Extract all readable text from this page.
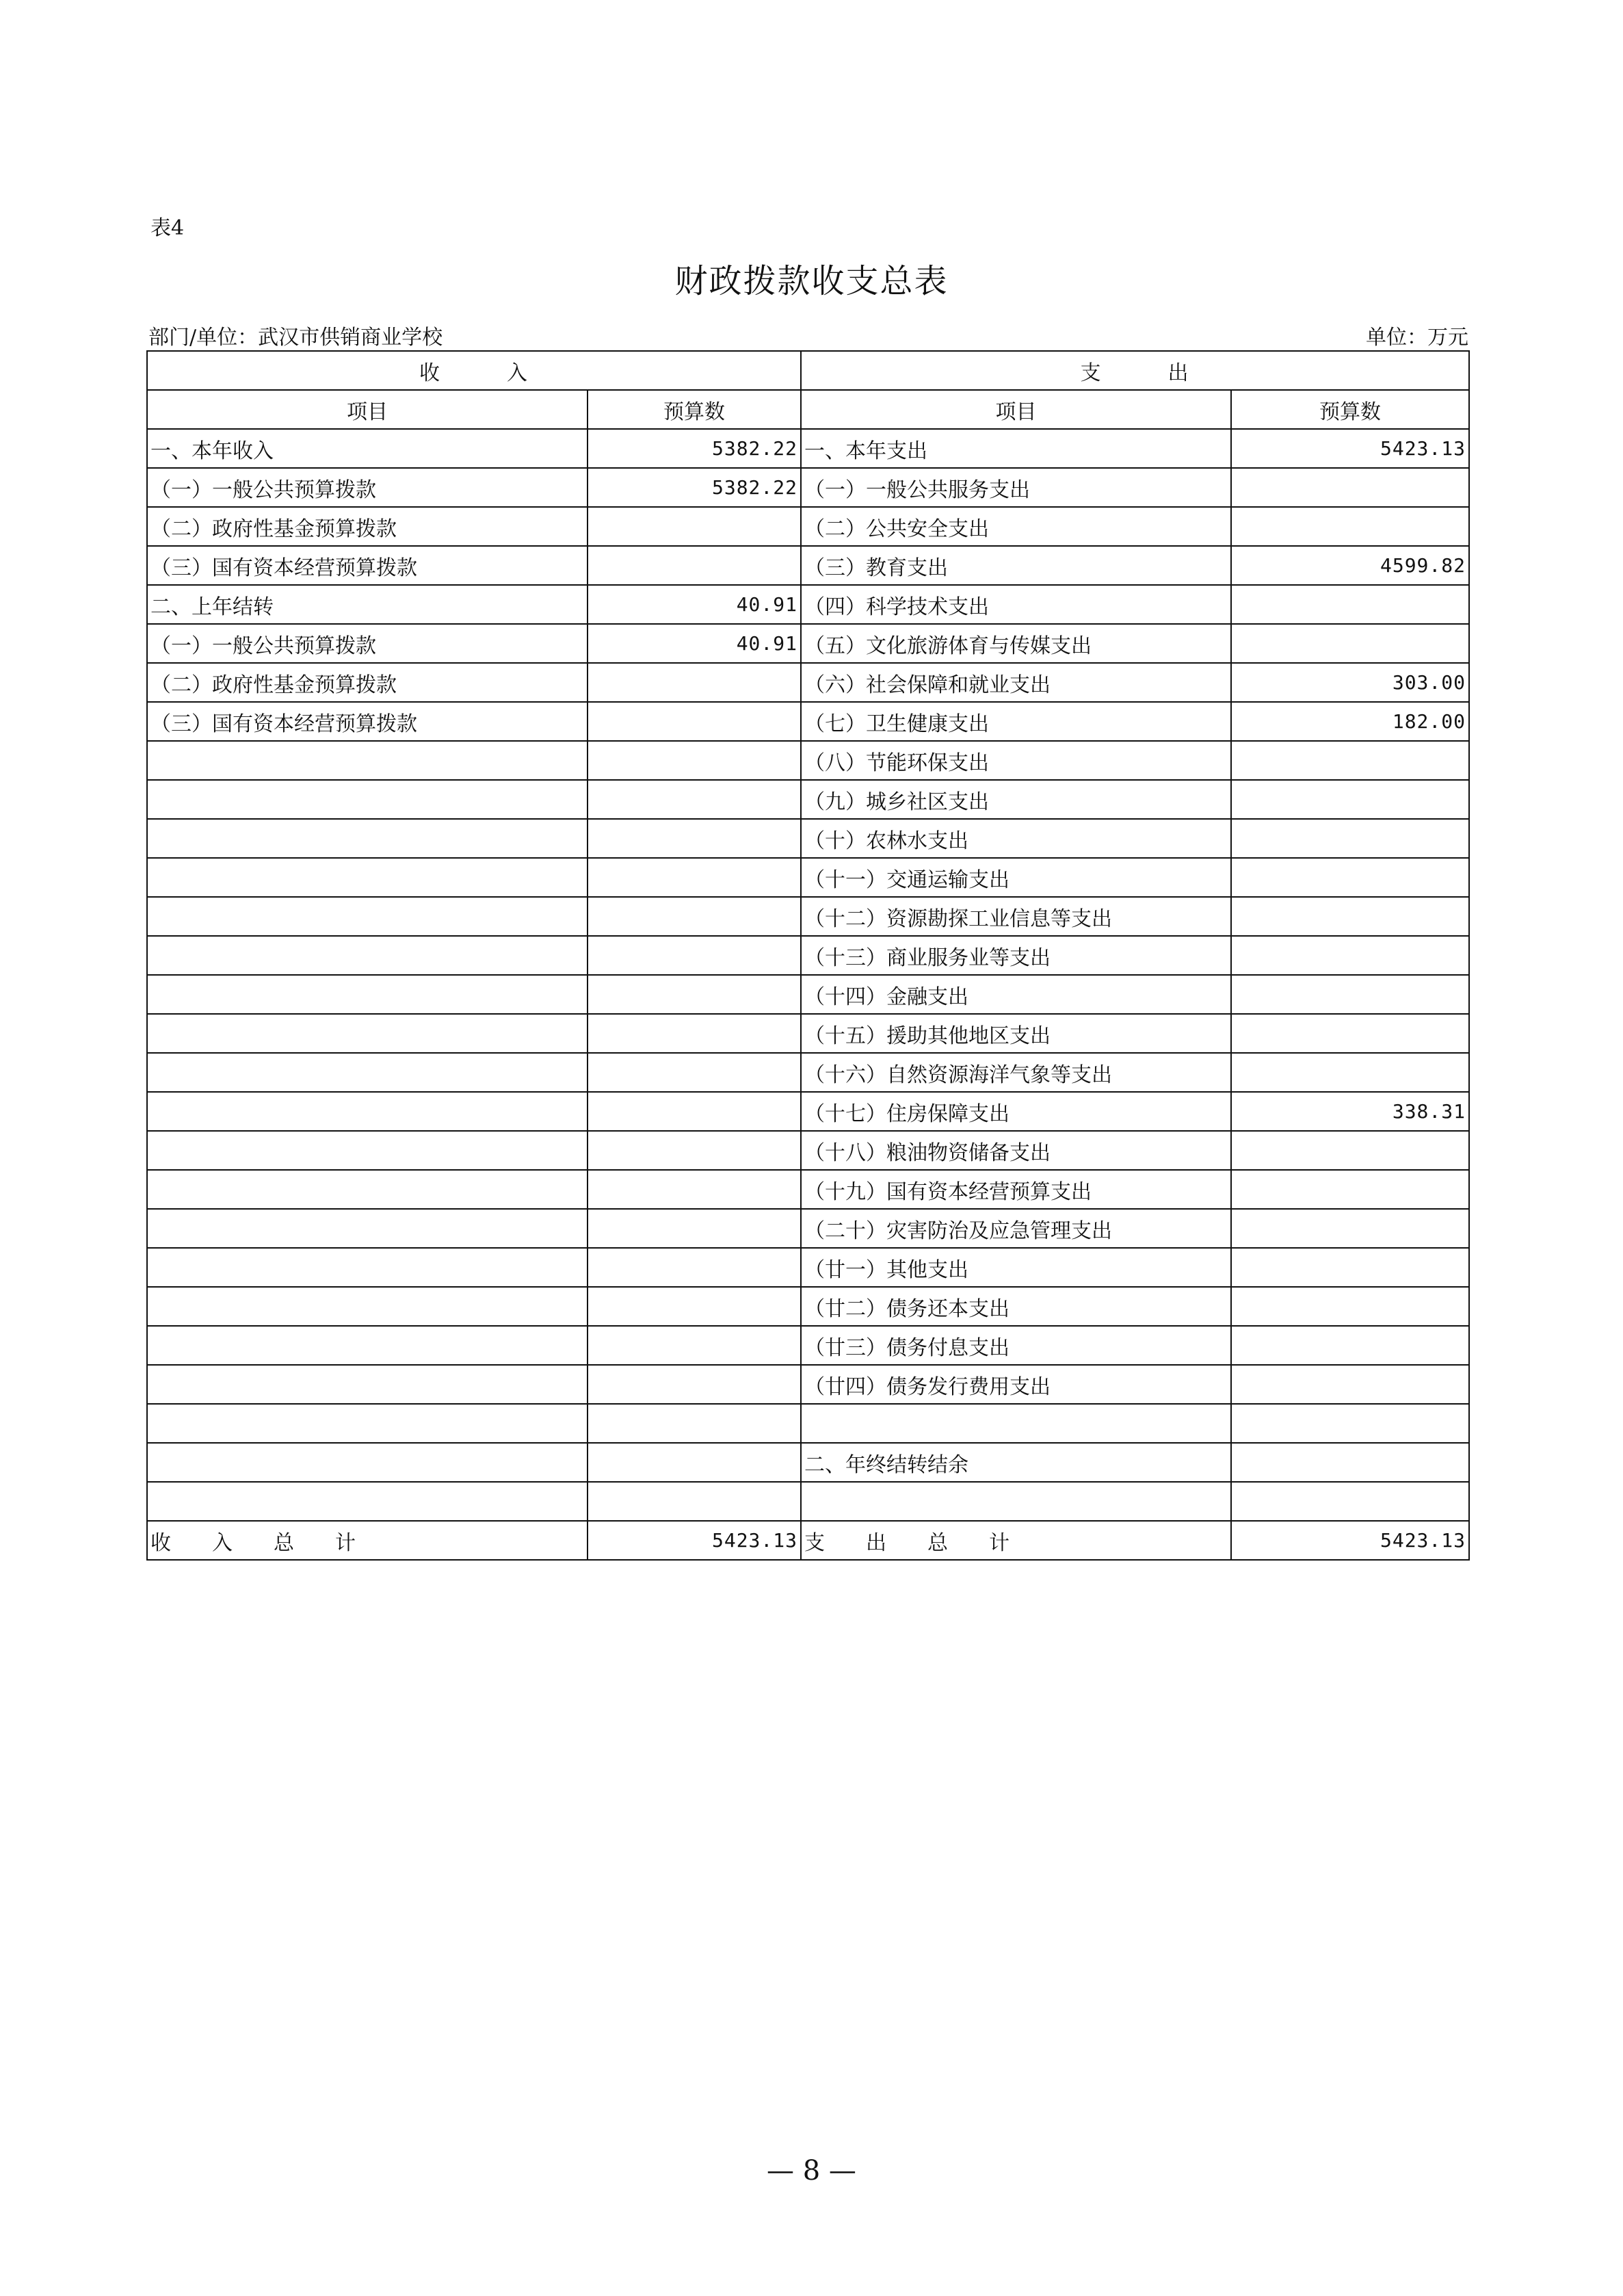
表4
财政拨款收支总表
部门/单位：武汉市供销商业学校	单位：万元
收　　　入		支　　　出	
项目	预算数	项目	预算数
一、本年收入	5382.22	一、本年支出	5423.13
（一）一般公共预算拨款	5382.22	（一）一般公共服务支出	
（二）政府性基金预算拨款		（二）公共安全支出	
（三）国有资本经营预算拨款		（三）教育支出	4599.82
二、上年结转	40.91	（四）科学技术支出	
（一）一般公共预算拨款	40.91	（五）文化旅游体育与传媒支出	
（二）政府性基金预算拨款		（六）社会保障和就业支出	303.00
（三）国有资本经营预算拨款		（七）卫生健康支出	182.00
		（八）节能环保支出	
		（九）城乡社区支出	
		（十）农林水支出	
		（十一）交通运输支出	
		（十二）资源勘探工业信息等支出	
		（十三）商业服务业等支出	
		（十四）金融支出	
		（十五）援助其他地区支出	
		（十六）自然资源海洋气象等支出	
		（十七）住房保障支出	338.31
		（十八）粮油物资储备支出	
		（十九）国有资本经营预算支出	
		（二十）灾害防治及应急管理支出	
		（廿一）其他支出	
		（廿二）债务还本支出	
		（廿三）债务付息支出	
		（廿四）债务发行费用支出	

		二、年终结转结余	

收　　入　　总　　计	5423.13	支　　出　　总　　计	5423.13
— 8 —
